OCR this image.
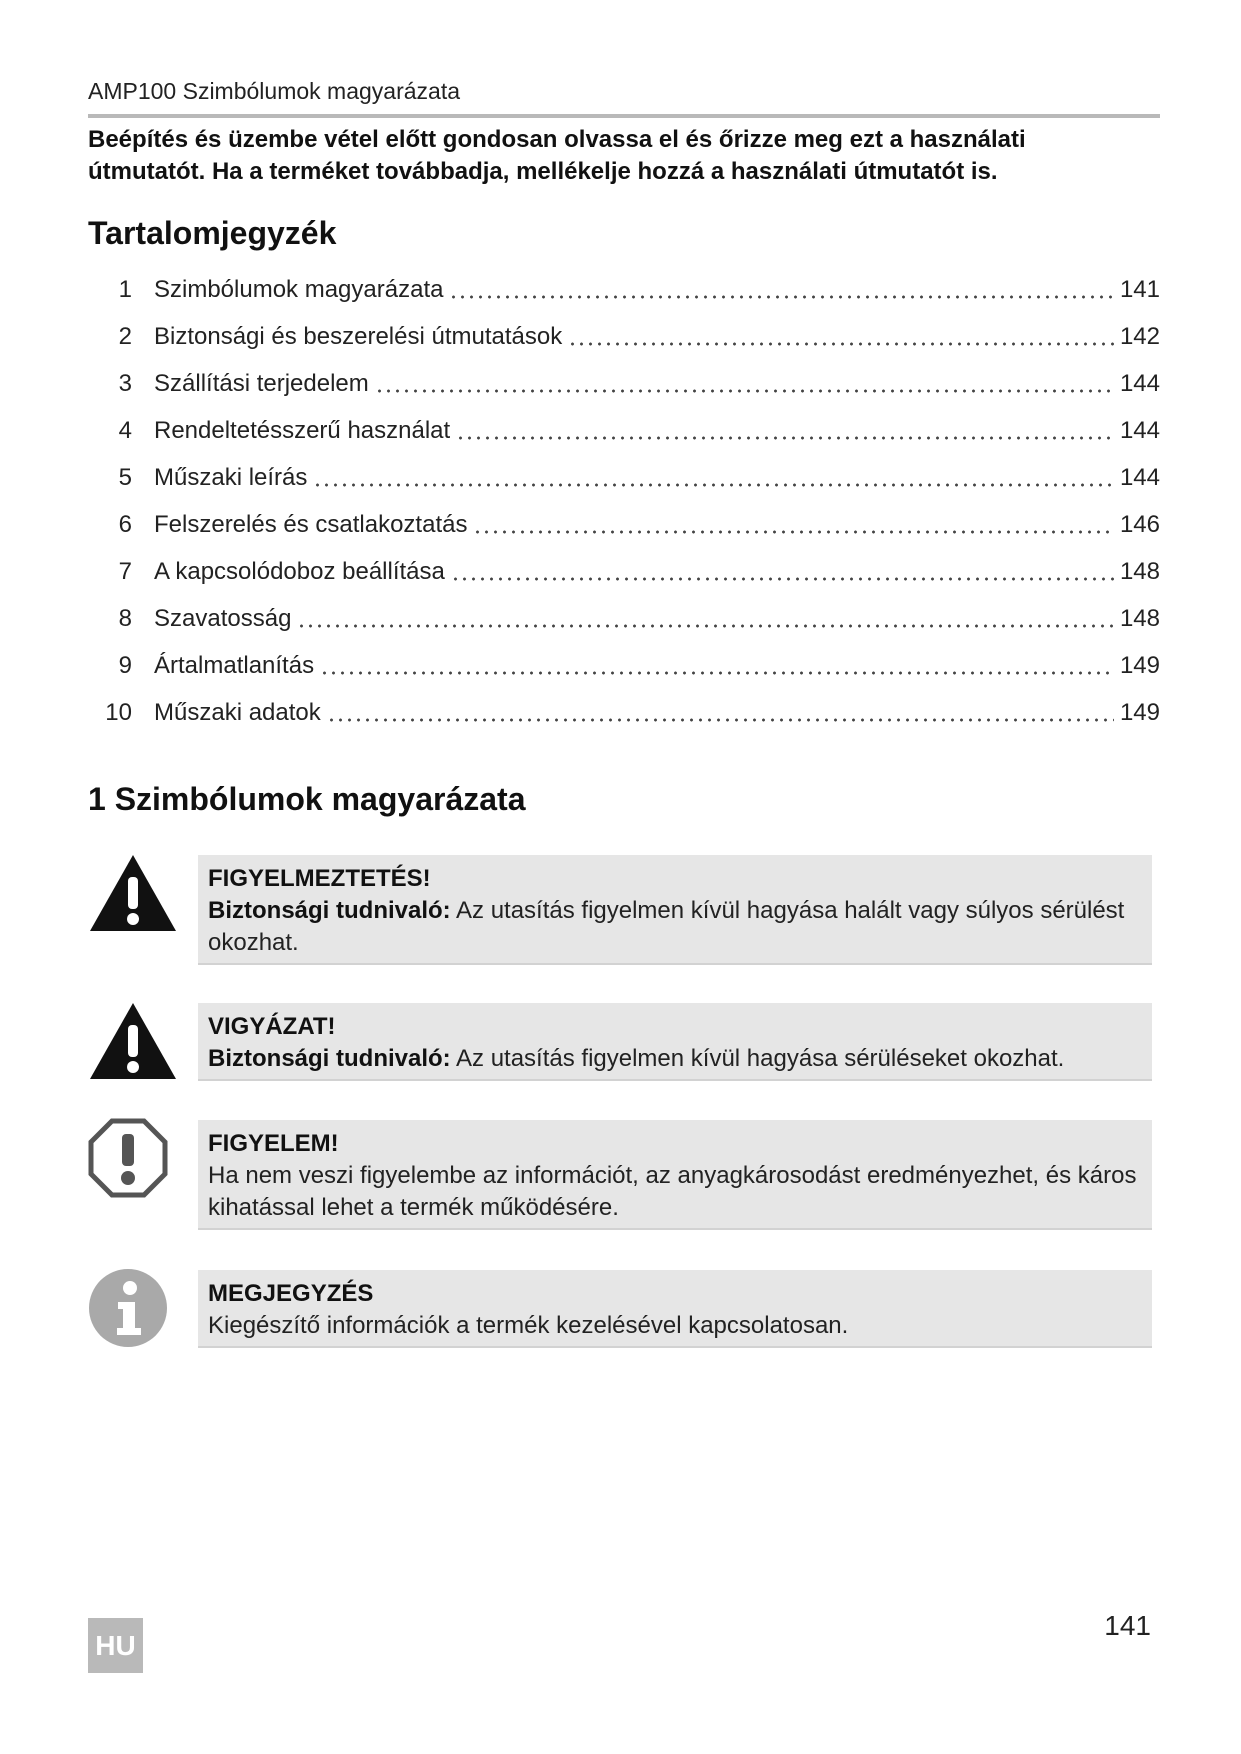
AMP100 Szimbólumok magyarázata

Beépítés és üzembe vétel előtt gondosan olvassa el és őrizze meg ezt a használati

útmutatót. Ha a terméket továbbadja, mellékelje hozzá a használati útmutatót is.

Tartalomjegyzék
1 Szimbólumok magyarázata	141
2 Biztonsági és beszerelési útmutatások	142
3 Szállítási terjedelem	144
4 Rendeltetésszerű használat	144
5 Műszaki leírás	144
6 Felszerelés és csatlakoztatás	146
7 A kapcsolódoboz beállítása	148
8 Szavatosság	148
9 Ártalmatlanítás	149
10 Műszaki adatok	149
1 Szimbólumok magyarázata

FIGYELMEZTETÉS!

Biztonsági tudnivaló: Az utasítás figyelmen kívül hagyása halált vagy súlyos sérülést okozhat.

VIGYÁZAT!

Biztonsági tudnivaló: Az utasítás figyelmen kívül hagyása sérüléseket okozhat.

FIGYELEM!

Ha nem veszi figyelembe az információt, az anyagkárosodást eredményezhet, és káros kihatással lehet a termék működésére.

MEGJEGYZÉS

Kiegészítő információk a termék kezelésével kapcsolatosan.

HU
141
